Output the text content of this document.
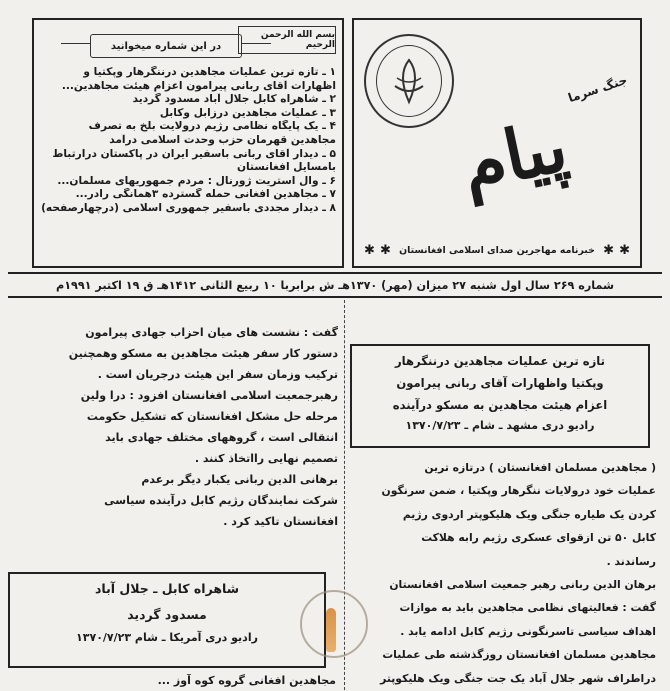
بسم الله الرحمن الرحيم
در اين شماره ميخوانيد
۱ ـ تازه ترين عمليات مجاهدين درننگرهار وپکتيا و
اظهارات آقای ربانی پيرامون اعزام هيئت مجاهدين...
۲ ـ شاهراه کابل جلال آباد مسدود گرديد
۳ ـ عمليات مجاهدين درزابل وکابل
۴ ـ يک پايگاه نظامی رژيم درولايت بلخ به تصرف
مجاهدين قهرمان حزب وحدت اسلامی درآمد
۵ ـ ديدار آقای ربانی باسفير ايران در پاکستان درارتباط
بامسايل افغانستان
۶ ـ وال استريت ژورنال : مردم جمهوريهای مسلمان...
۷ ـ مجاهدين افغانی حمله گسترده ۳همانگی رادر...
۸ ـ ديدار مجددی باسفير جمهوری اسلامی (درچهارصفحه)
جنگ سرما
پيام
✱ ✱ خبرنامه مهاجرين صدای اسلامی افغانستان ✱ ✱
شماره ۲۶۹ سال اول شنبه ۲۷ ميزان (مهر) ۱۳۷۰هـ ش برابربا ۱۰ ربيع الثانی ۱۴۱۲هـ ق ۱۹ اکتبر ۱۹۹۱م
گفت : نشست های ميان احزاب جهادی پيرامون
دستور کار سفر هيئت مجاهدين به مسکو وهمچنين
ترکيب وزمان سفر اين هيئت درجريان است .
رهبرجمعيت اسلامی افغانستان افزود : درا ولين
مرحله حل مشکل افغانستان که تشکيل حکومت
انتقالی است ، گروههای مختلف جهادی بايد
تصميم نهايی رااتخاذ کنند .
برهانی الدين ربانی يکبار ديگر برعدم
شرکت نمايندگان رژيم کابل درآينده سياسی
افغانستان تاکيد کرد .
تازه ترين عمليات مجاهدين درننگرهار
وپکتيا واظهارات آقای ربانی پيرامون
اعزام هيئت مجاهدين به مسکو درآينده
راديو دری مشهد ـ شام ـ ۱۳۷۰/۷/۲۳
( مجاهدين مسلمان افغانستان ) درتازه ترين
عمليات خود درولايات ننگرهار وپکتيا ، ضمن سرنگون
کردن يک طياره جنگی ويک هليکوپتر اردوی رژيم
کابل ۵۰ تن ازقوای عسکری رژيم رابه هلاکت
رساندند .
برهان الدين ربانی رهبر جمعيت اسلامی افغانستان
گفت : فعاليتهای نظامی مجاهدين بايد به موازات
اهداف سياسی تاسرنگونی رژيم کابل ادامه يابد .
مجاهدين مسلمان افغانستان روزگذشته طی عمليات
دراطراف شهر جلال آباد يک جت جنگی ويک هليکوپتر
شاهراه کابل ـ جلال آباد
مسدود گرديد
راديو دری آمريکا ـ شام ۱۳۷۰/۷/۲۳
مجاهدين افغانی گروه کوه آوز ...
